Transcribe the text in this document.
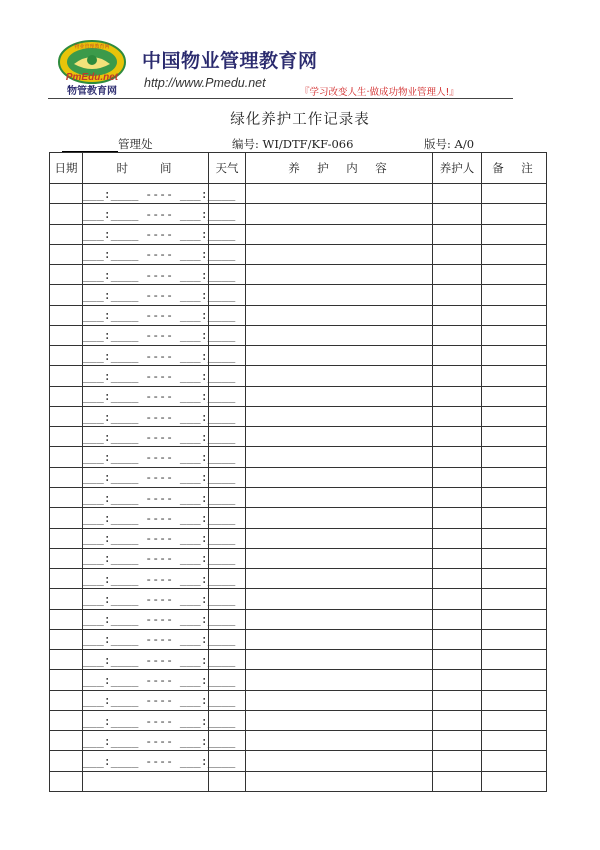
物业管理教育网
PmEdu.net
物管教育网
中国物业管理教育网
http://www.Pmedu.net
『学习改变人生·做成功物业管理人!』
绿化养护工作记录表
管理处	编号: WI/DTF/KF-066	版号: A/0
日期	时　　间	天气	养　护　内　容	养护人	备　注
	___:____ ---- ___:____				
	___:____ ---- ___:____				
	___:____ ---- ___:____				
	___:____ ---- ___:____				
	___:____ ---- ___:____				
	___:____ ---- ___:____				
	___:____ ---- ___:____				
	___:____ ---- ___:____				
	___:____ ---- ___:____				
	___:____ ---- ___:____				
	___:____ ---- ___:____				
	___:____ ---- ___:____				
	___:____ ---- ___:____				
	___:____ ---- ___:____				
	___:____ ---- ___:____				
	___:____ ---- ___:____				
	___:____ ---- ___:____				
	___:____ ---- ___:____				
	___:____ ---- ___:____				
	___:____ ---- ___:____				
	___:____ ---- ___:____				
	___:____ ---- ___:____				
	___:____ ---- ___:____				
	___:____ ---- ___:____				
	___:____ ---- ___:____				
	___:____ ---- ___:____				
	___:____ ---- ___:____				
	___:____ ---- ___:____				
	___:____ ---- ___:____				
